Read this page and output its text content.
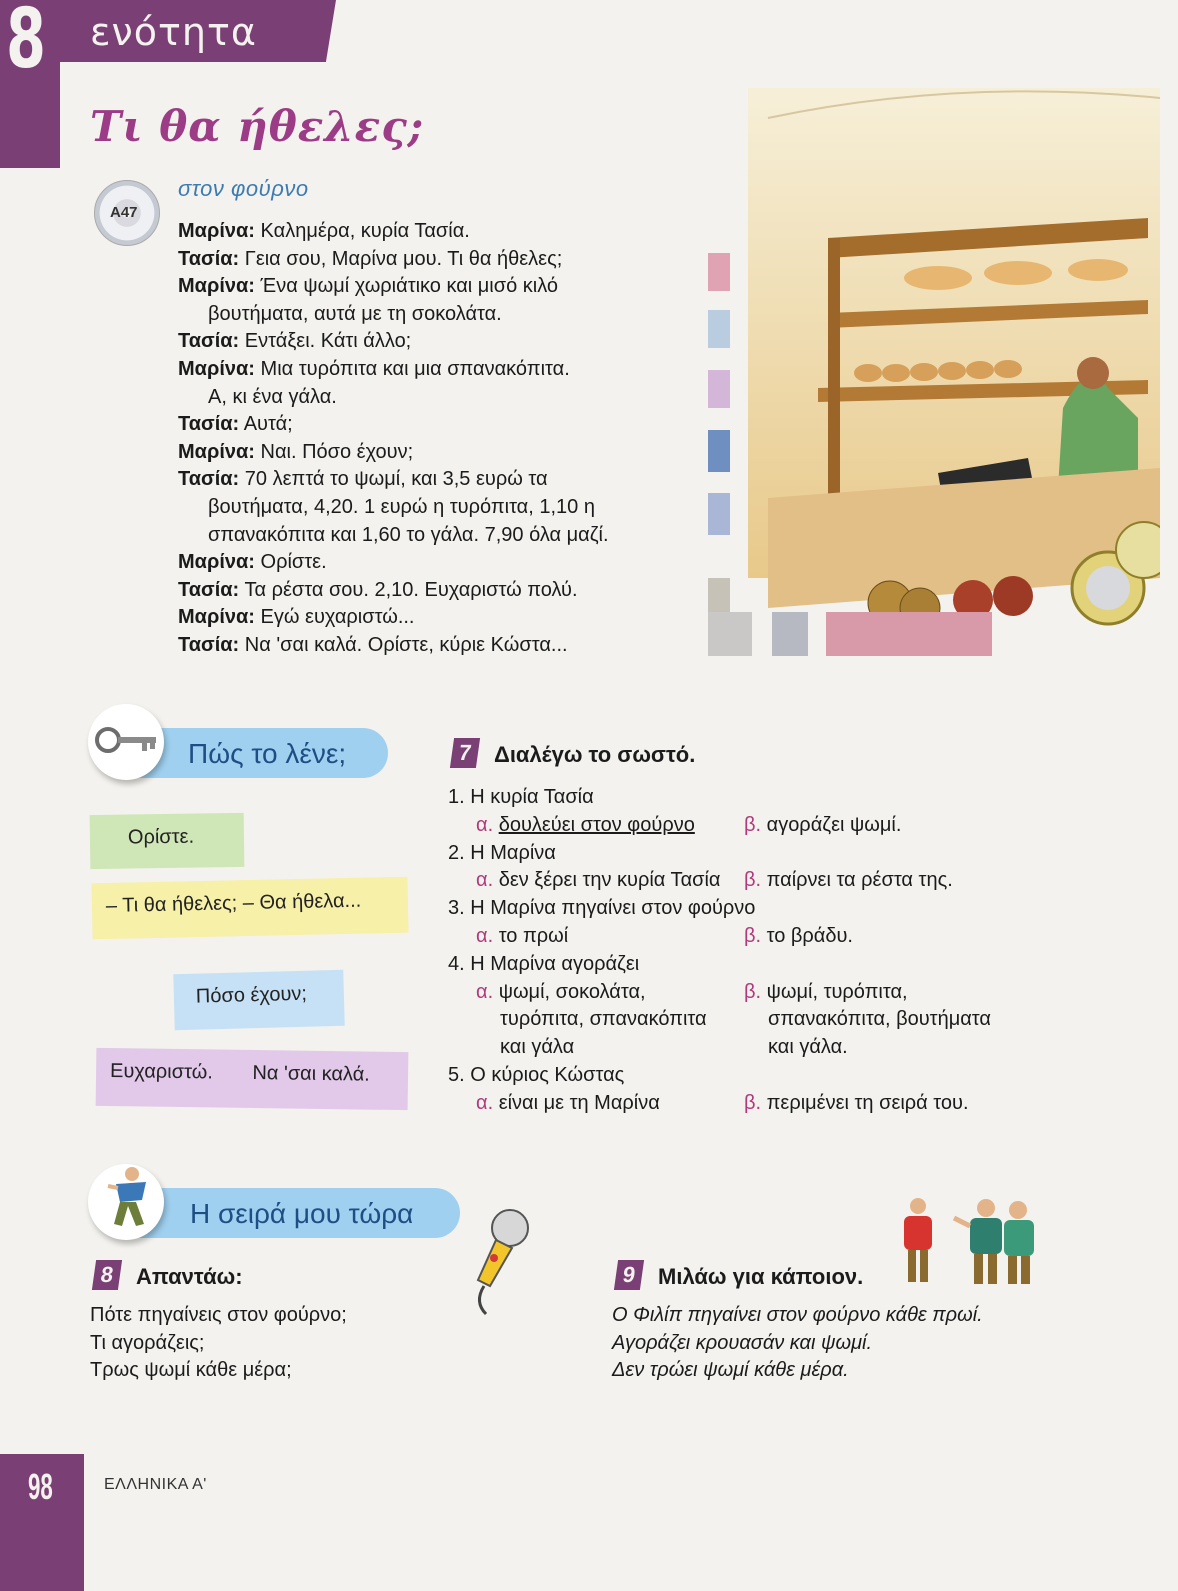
8 ενότητα
Τι θα ήθελες;
A47
στον φούρνο
Μαρίνα: Καλημέρα, κυρία Τασία.
Τασία: Γεια σου, Μαρίνα μου. Τι θα ήθελες;
Μαρίνα: Ένα ψωμί χωριάτικο και μισό κιλό
βουτήματα, αυτά με τη σοκολάτα.
Τασία: Εντάξει. Κάτι άλλο;
Μαρίνα: Μια τυρόπιτα και μια σπανακόπιτα.
Α, κι ένα γάλα.
Τασία: Αυτά;
Μαρίνα: Ναι. Πόσο έχουν;
Τασία: 70 λεπτά το ψωμί, και 3,5 ευρώ τα
βουτήματα, 4,20. 1 ευρώ η τυρόπιτα, 1,10 η
σπανακόπιτα και 1,60 το γάλα. 7,90 όλα μαζί.
Μαρίνα: Ορίστε.
Τασία: Τα ρέστα σου. 2,10. Ευχαριστώ πολύ.
Μαρίνα: Εγώ ευχαριστώ...
Τασία: Να 'σαι καλά. Ορίστε, κύριε Κώστα...
Πώς το λένε;
Ορίστε.
– Τι θα ήθελες; – Θα ήθελα...
Πόσο έχουν;
Ευχαριστώ. Να 'σαι καλά.
7 Διαλέγω το σωστό.
1. Η κυρία Τασία
α. δουλεύει στον φούρνο	β. αγοράζει ψωμί.
2. Η Μαρίνα
α. δεν ξέρει την κυρία Τασία	β. παίρνει τα ρέστα της.
3. Η Μαρίνα πηγαίνει στον φούρνο
α. το πρωί	β. το βράδυ.
4. Η Μαρίνα αγοράζει
α. ψωμί, σοκολάτα,	β. ψωμί, τυρόπιτα,
τυρόπιτα, σπανακόπιτα	σπανακόπιτα, βουτήματα
και γάλα	και γάλα.
5. Ο κύριος Κώστας
α. είναι με τη Μαρίνα	β. περιμένει τη σειρά του.
Η σειρά μου τώρα
8 Απαντάω:
Πότε πηγαίνεις στον φούρνο;
Τι αγοράζεις;
Τρως ψωμί κάθε μέρα;
9 Μιλάω για κάποιον.
Ο Φιλίπ πηγαίνει στον φούρνο κάθε πρωί.
Αγοράζει κρουασάν και ψωμί.
Δεν τρώει ψωμί κάθε μέρα.
98	ΕΛΛΗΝΙΚΑ Α'
